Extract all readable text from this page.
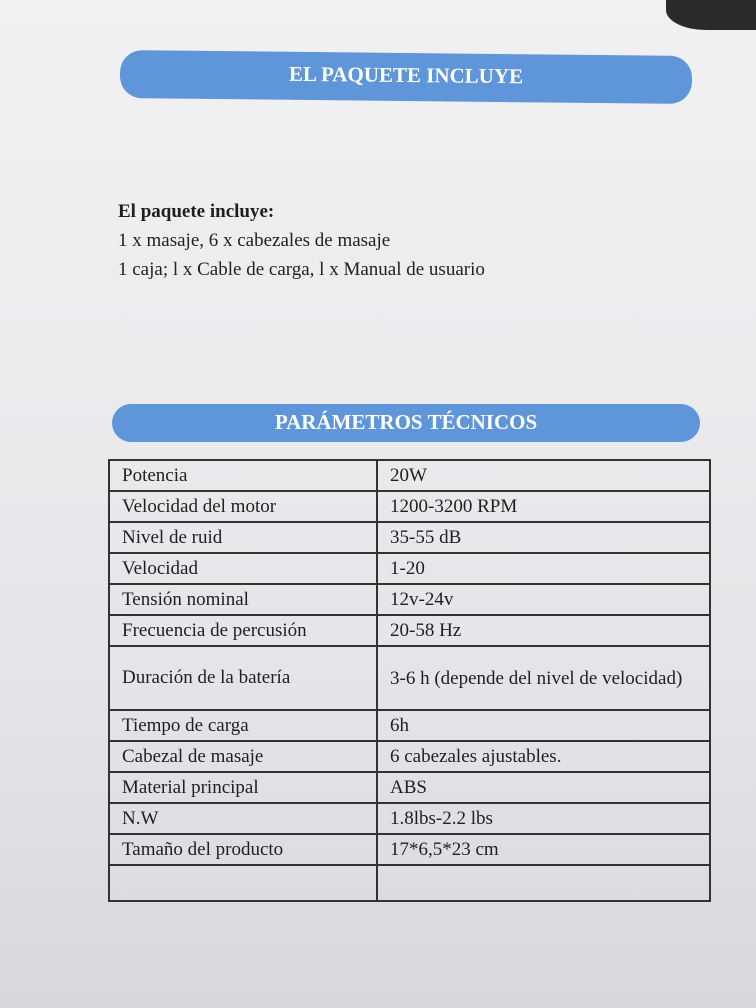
EL PAQUETE INCLUYE
El paquete incluye:
1 x masaje, 6 x cabezales de masaje
1 caja; l x Cable de carga, l x Manual de usuario
PARÁMETROS TÉCNICOS
Potencia	20W
Velocidad del motor	1200-3200 RPM
Nivel de ruid	35-55 dB
Velocidad	1-20
Tensión nominal	12v-24v
Frecuencia de percusión	20-58 Hz
Duración de la batería	3-6 h (depende del nivel de velocidad)
Tiempo de carga	6h
Cabezal de masaje	6 cabezales ajustables.
Material principal	ABS
N.W	1.8lbs-2.2 lbs
Tamaño del producto	17*6,5*23 cm
